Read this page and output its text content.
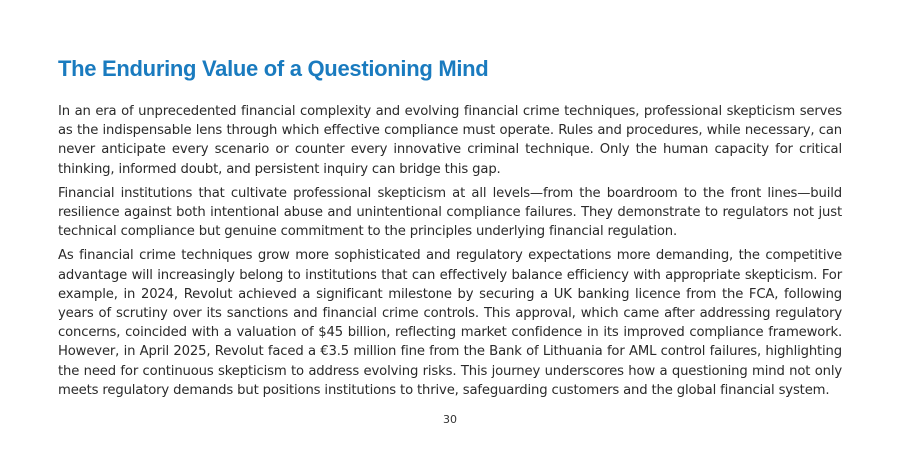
The Enduring Value of a Questioning Mind

In an era of unprecedented financial complexity and evolving financial crime techniques, professional skepticism serves as the indispensable lens through which effective compliance must operate. Rules and procedures, while necessary, can never anticipate every scenario or counter every innovative criminal technique. Only the human capacity for critical thinking, informed doubt, and persistent inquiry can bridge this gap.

Financial institutions that cultivate professional skepticism at all levels—from the boardroom to the front lines—build resilience against both intentional abuse and unintentional compliance failures. They demonstrate to regulators not just technical compliance but genuine commitment to the principles underlying financial regulation.

As financial crime techniques grow more sophisticated and regulatory expectations more demanding, the competitive advantage will increasingly belong to institutions that can effectively balance efficiency with appropriate skepticism. For example, in 2024, Revolut achieved a significant milestone by securing a UK banking licence from the FCA, following years of scrutiny over its sanctions and financial crime controls. This approval, which came after addressing regulatory concerns, coincided with a valuation of $45 billion, reflecting market confidence in its improved compliance framework. However, in April 2025, Revolut faced a €3.5 million fine from the Bank of Lithuania for AML control failures, highlighting the need for continuous skepticism to address evolving risks. This journey underscores how a questioning mind not only meets regulatory demands but positions institutions to thrive, safeguarding customers and the global financial system.

30
